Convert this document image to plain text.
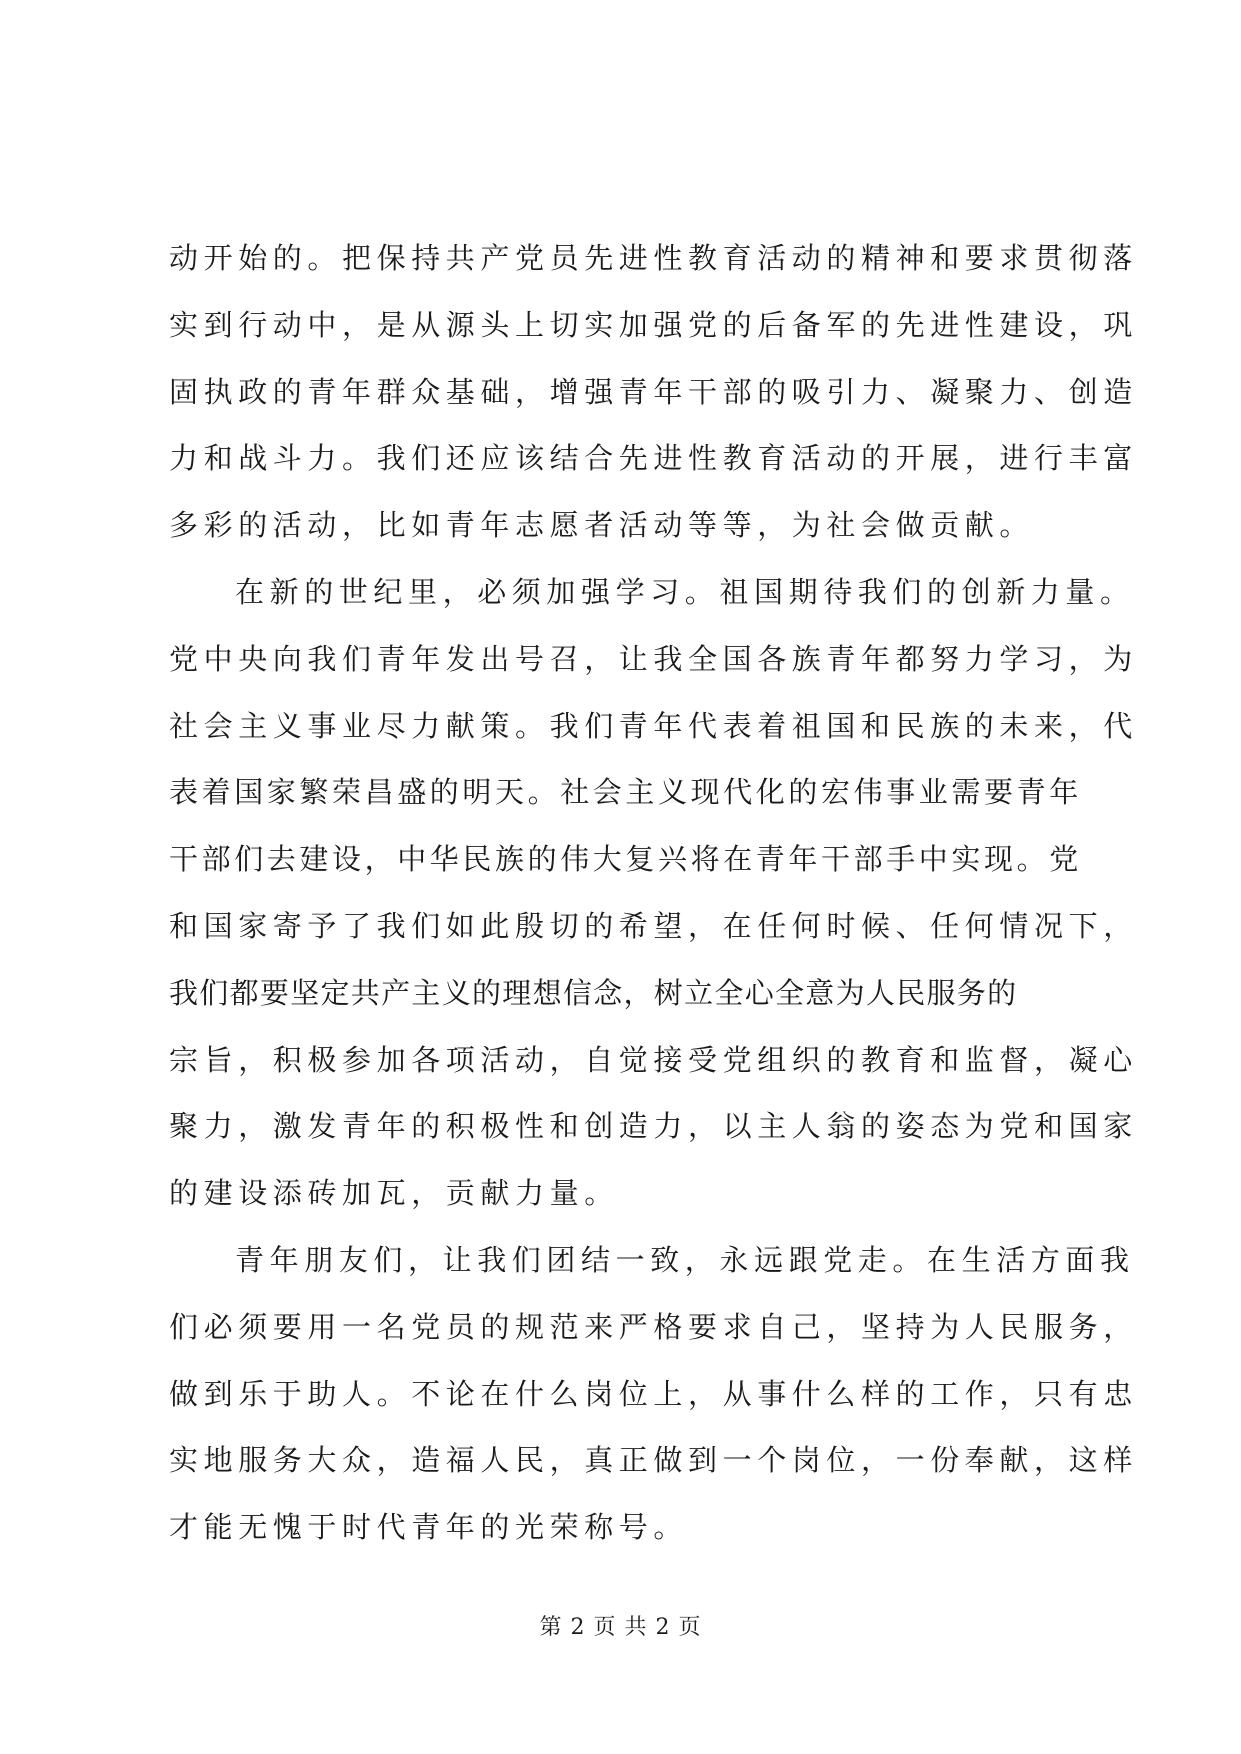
动开始的。把保持共产党员先进性教育活动的精神和要求贯彻落
实到行动中，是从源头上切实加强党的后备军的先进性建设，巩
固执政的青年群众基础，增强青年干部的吸引力、凝聚力、创造
力和战斗力。我们还应该结合先进性教育活动的开展，进行丰富
多彩的活动，比如青年志愿者活动等等，为社会做贡献。
在新的世纪里，必须加强学习。祖国期待我们的创新力量。
党中央向我们青年发出号召，让我全国各族青年都努力学习，为
社会主义事业尽力献策。我们青年代表着祖国和民族的未来，代
表着国家繁荣昌盛的明天。社会主义现代化的宏伟事业需要青年
干部们去建设，中华民族的伟大复兴将在青年干部手中实现。党
和国家寄予了我们如此殷切的希望，在任何时候、任何情况下，
我们都要坚定共产主义的理想信念，树立全心全意为人民服务的
宗旨，积极参加各项活动，自觉接受党组织的教育和监督，凝心
聚力，激发青年的积极性和创造力，以主人翁的姿态为党和国家
的建设添砖加瓦，贡献力量。
青年朋友们，让我们团结一致，永远跟党走。在生活方面我
们必须要用一名党员的规范来严格要求自己，坚持为人民服务，
做到乐于助人。不论在什么岗位上，从事什么样的工作，只有忠
实地服务大众，造福人民，真正做到一个岗位，一份奉献，这样
才能无愧于时代青年的光荣称号。
第 2 页 共 2 页
